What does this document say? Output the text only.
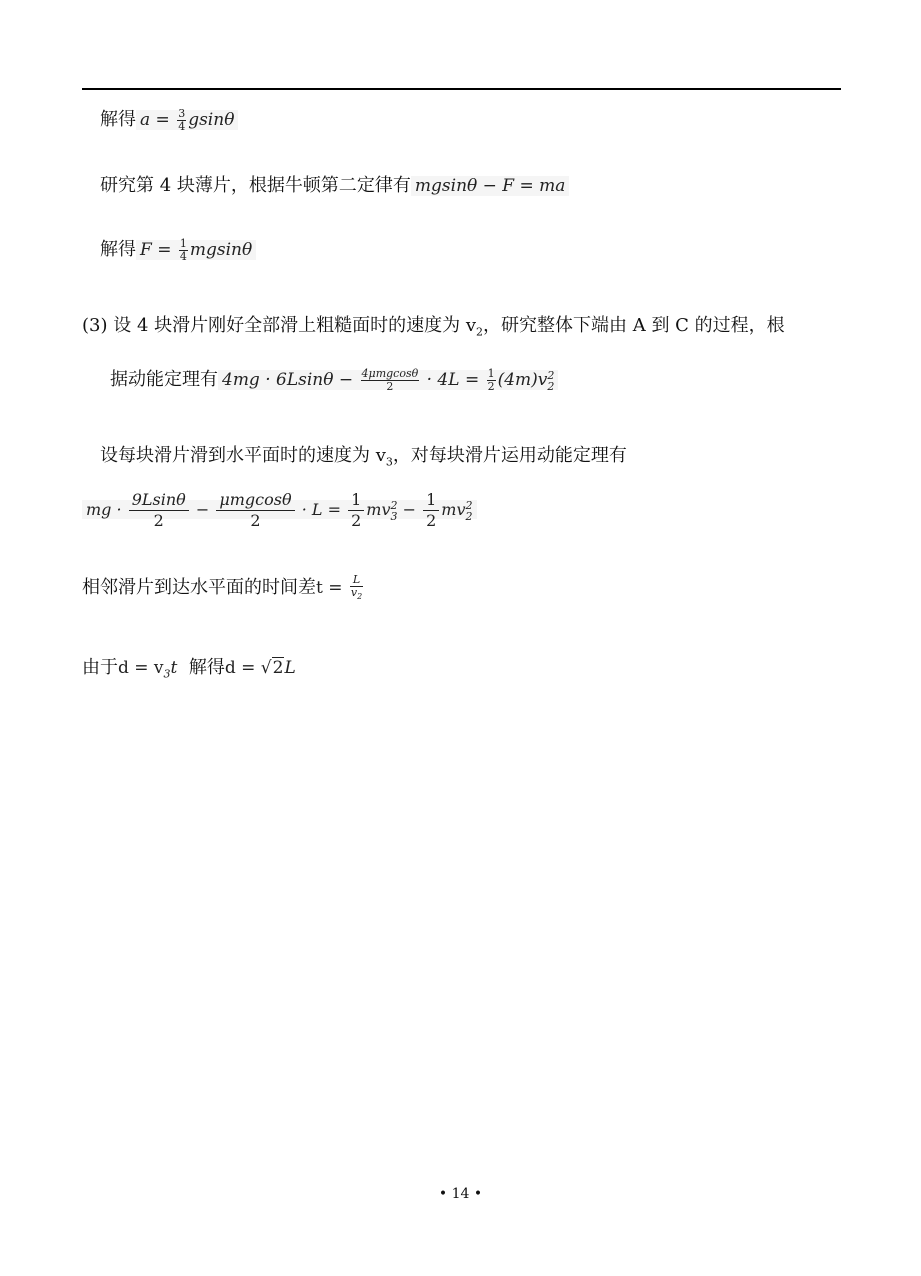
解得 $a = \frac{3}{4}$ gsinθ
研究第 4 块薄片，根据牛顿第二定律有 mgsinθ − F = ma
解得 $F = \frac{1}{4}$ mgsinθ
(3) 设 4 块滑片刚好全部滑上粗糙面时的速度为 $v_2$，研究整体下端由 A 到 C 的过程，根
据动能定理有 $4mg \cdot 6Lsin\theta - \frac{\text{4μmgcosθ}}{2} \cdot 4L = \frac{1}{2} (4m)v$ 2
2
设每块滑片滑到水平面时的速度为 $v_3$，对每块滑片运用动能定理有
mg · $\frac{9Lsin\theta}{2} - \frac{\text{μmgcosθ}}{2} \cdot L = \frac{1}{2}$ mv 2
$3 - \frac{1}{2}$ mv 2
2
相邻滑片到达水平面的时间差$t = \frac{L}{v_2}$
由于$d = v_3t$ 解得d = √2L
• 14 •
